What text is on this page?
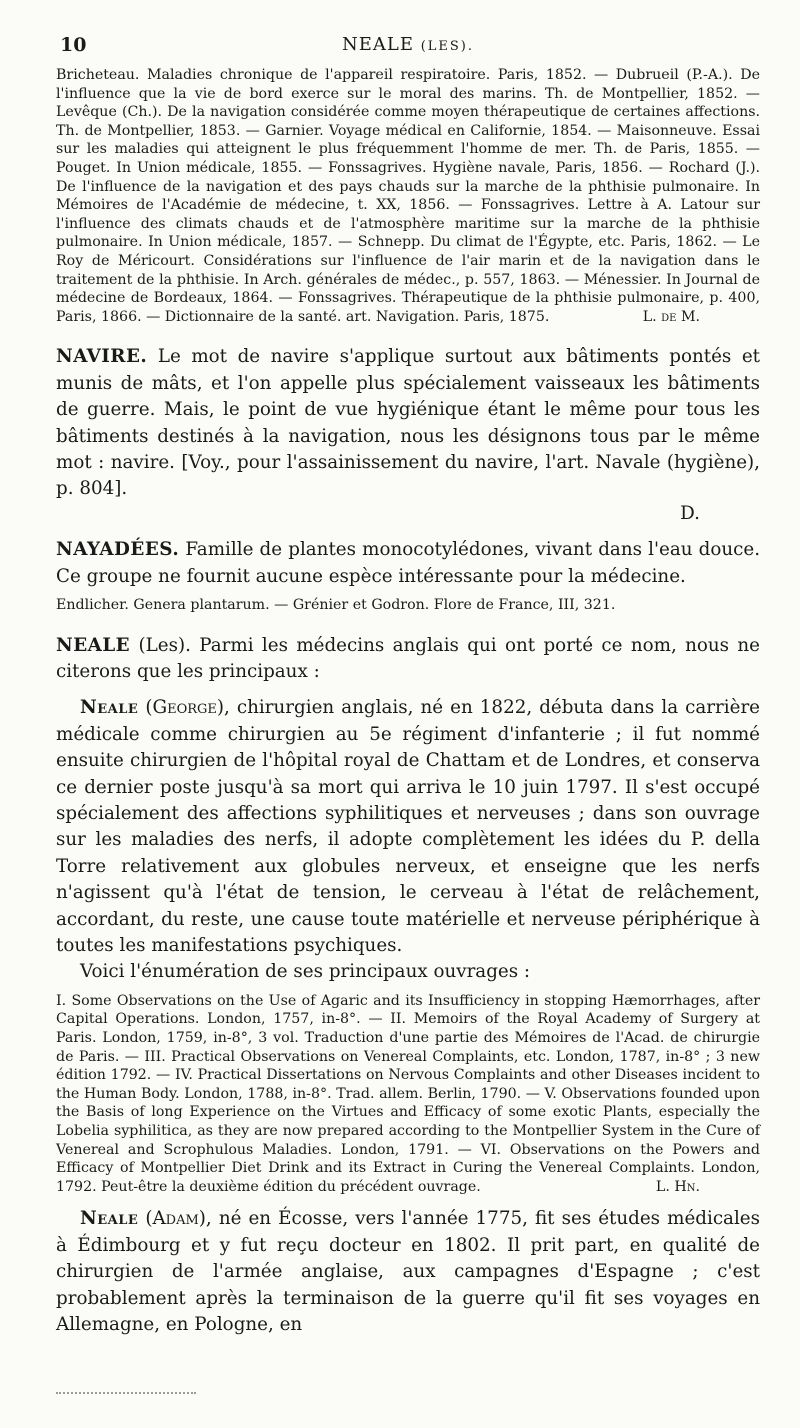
10	NEALE (LES).

Bricheteau. Maladies chronique de l'appareil respiratoire. Paris, 1852. — Dubrueil (P.-A.). De l'influence que la vie de bord exerce sur le moral des marins. Th. de Montpellier, 1852. — Levêque (Ch.). De la navigation considérée comme moyen thérapeutique de certaines affections. Th. de Montpellier, 1853. — Garnier. Voyage médical en Californie, 1854. — Maisonneuve. Essai sur les maladies qui atteignent le plus fréquemment l'homme de mer. Th. de Paris, 1855. — Pouget. In Union médicale, 1855. — Fonssagrives. Hygiène navale, Paris, 1856. — Rochard (J.). De l'influence de la navigation et des pays chauds sur la marche de la phthisie pulmonaire. In Mémoires de l'Académie de médecine, t. XX, 1856. — Fonssagrives. Lettre à A. Latour sur l'influence des climats chauds et de l'atmosphère maritime sur la marche de la phthisie pulmonaire. In Union médicale, 1857. — Schnepp. Du climat de l'Égypte, etc. Paris, 1862. — Le Roy de Méricourt. Considérations sur l'influence de l'air marin et de la navigation dans le traitement de la phthisie. In Arch. générales de médec., p. 557, 1863. — Ménessier. In Journal de médecine de Bordeaux, 1864. — Fonssagrives. Thérapeutique de la phthisie pulmonaire, p. 400, Paris, 1866. — Dictionnaire de la santé. art. Navigation. Paris, 1875.	L. de M.

NAVIRE. Le mot de navire s'applique surtout aux bâtiments pontés et munis de mâts, et l'on appelle plus spécialement vaisseaux les bâtiments de guerre. Mais, le point de vue hygiénique étant le même pour tous les bâtiments destinés à la navigation, nous les désignons tous par le même mot : navire. [Voy., pour l'assainissement du navire, l'art. Navale (hygiène), p. 804].

D.

NAYADÉES. Famille de plantes monocotylédones, vivant dans l'eau douce. Ce groupe ne fournit aucune espèce intéressante pour la médecine.

Endlicher. Genera plantarum. — Grénier et Godron. Flore de France, III, 321.

NEALE (Les). Parmi les médecins anglais qui ont porté ce nom, nous ne citerons que les principaux :

Neale (George), chirurgien anglais, né en 1822, débuta dans la carrière médicale comme chirurgien au 5e régiment d'infanterie ; il fut nommé ensuite chirurgien de l'hôpital royal de Chattam et de Londres, et conserva ce dernier poste jusqu'à sa mort qui arriva le 10 juin 1797. Il s'est occupé spécialement des affections syphilitiques et nerveuses ; dans son ouvrage sur les maladies des nerfs, il adopte complètement les idées du P. della Torre relativement aux globules nerveux, et enseigne que les nerfs n'agissent qu'à l'état de tension, le cerveau à l'état de relâchement, accordant, du reste, une cause toute matérielle et nerveuse périphérique à toutes les manifestations psychiques.

Voici l'énumération de ses principaux ouvrages :

I. Some Observations on the Use of Agaric and its Insufficiency in stopping Hæmorrhages, after Capital Operations. London, 1757, in-8°. — II. Memoirs of the Royal Academy of Surgery at Paris. London, 1759, in-8°, 3 vol. Traduction d'une partie des Mémoires de l'Acad. de chirurgie de Paris. — III. Practical Observations on Venereal Complaints, etc. London, 1787, in-8° ; 3 new édition 1792. — IV. Practical Dissertations on Nervous Complaints and other Diseases incident to the Human Body. London, 1788, in-8°. Trad. allem. Berlin, 1790. — V. Observations founded upon the Basis of long Experience on the Virtues and Efficacy of some exotic Plants, especially the Lobelia syphilitica, as they are now prepared according to the Montpellier System in the Cure of Venereal and Scrophulous Maladies. London, 1791. — VI. Observations on the Powers and Efficacy of Montpellier Diet Drink and its Extract in Curing the Venereal Complaints. London, 1792. Peut-être la deuxième édition du précédent ouvrage.	L. Hn.

Neale (Adam), né en Écosse, vers l'année 1775, fit ses études médicales à Édimbourg et y fut reçu docteur en 1802. Il prit part, en qualité de chirurgien de l'armée anglaise, aux campagnes d'Espagne ; c'est probablement après la terminaison de la guerre qu'il fit ses voyages en Allemagne, en Pologne, en
